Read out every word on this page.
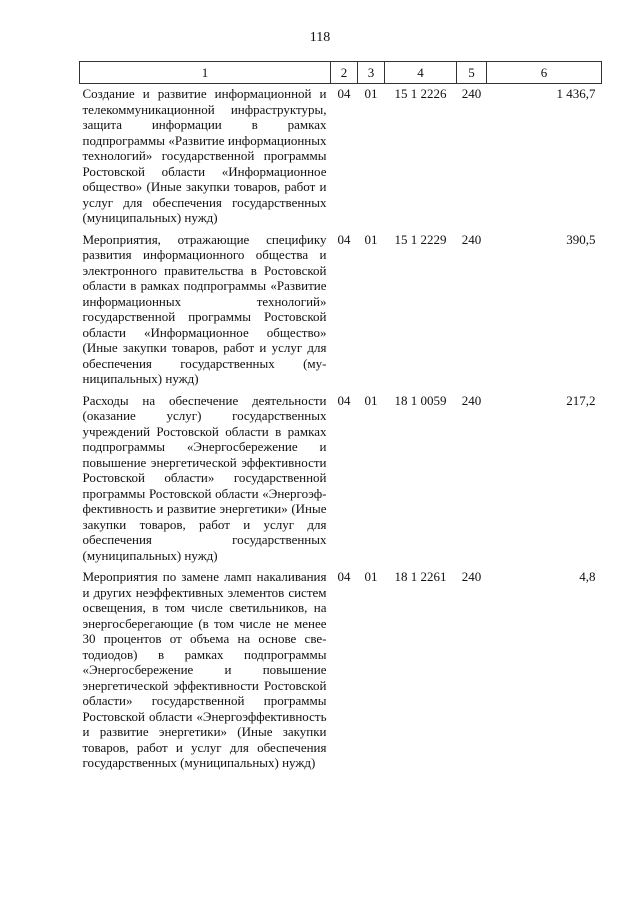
118
1	2	3	4	5	6
Создание и развитие информационной и телекоммуникационной инфраструктуры, защита информации в рамках подпрограммы «Развитие информационных технологий» государственной программы Ростовской области «Информационное общество» (Иные закупки товаров, работ и услуг для обеспечения государственных (муниципальных) нужд)	04	01	15 1 2226	240	1 436,7
Мероприятия, отражающие специфику развития информационного общества и электронного правительства в Ростовской области в рамках подпрограммы «Развитие информационных технологий» государственной программы Ростовской области «Информационное общество» (Иные закупки товаров, работ и услуг для обеспечения государственных (муниципальных) нужд)	04	01	15 1 2229	240	390,5
Расходы на обеспечение деятельности (оказание услуг) государственных учреждений Ростовской области в рамках подпрограммы «Энергосбережение и повышение энергетической эффективности Ростовской области» государственной программы Ростовской области «Энергоэффективность и развитие энергетики» (Иные закупки товаров, работ и услуг для обеспечения государственных (муниципальных) нужд)	04	01	18 1 0059	240	217,2
Мероприятия по замене ламп накаливания и других неэффективных элементов систем освещения, в том числе светильников, на энергосберегающие (в том числе не менее 30 процентов от объема на основе светодиодов) в рамках подпрограммы «Энергосбережение и повышение энергетической эффективности Ростовской области» государственной программы Ростовской области «Энергоэффективность и развитие энергетики» (Иные закупки товаров, работ и услуг для обеспечения государственных (муниципальных) нужд)	04	01	18 1 2261	240	4,8
